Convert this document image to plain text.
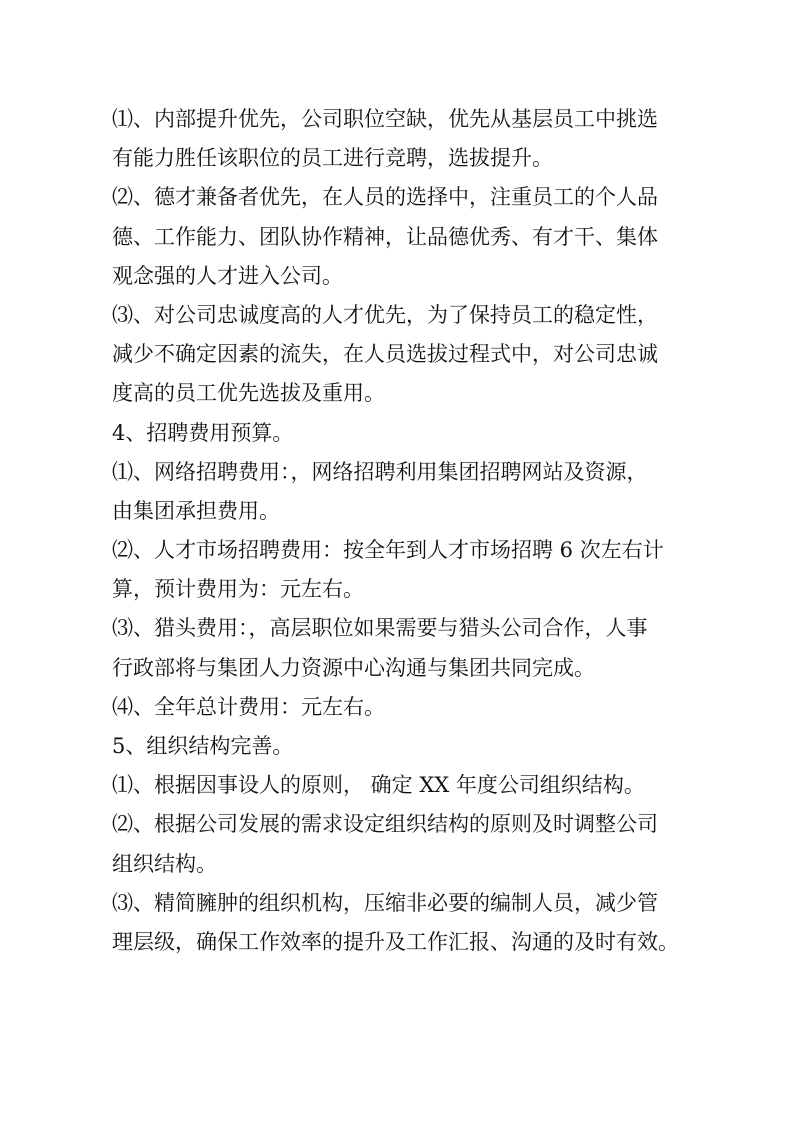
⑴、内部提升优先，公司职位空缺，优先从基层员工中挑选
有能力胜任该职位的员工进行竞聘，选拔提升。
⑵、德才兼备者优先，在人员的选择中，注重员工的个人品
德、工作能力、团队协作精神，让品德优秀、有才干、集体
观念强的人才进入公司。
⑶、对公司忠诚度高的人才优先，为了保持员工的稳定性，
减少不确定因素的流失，在人员选拔过程式中，对公司忠诚
度高的员工优先选拔及重用。
4、招聘费用预算。
⑴、网络招聘费用：，网络招聘利用集团招聘网站及资源，
由集团承担费用。
⑵、人才市场招聘费用：按全年到人才市场招聘 6 次左右计
算，预计费用为：元左右。
⑶、猎头费用：，高层职位如果需要与猎头公司合作，人事
行政部将与集团人力资源中心沟通与集团共同完成。
⑷、全年总计费用：元左右。
5、组织结构完善。
⑴、根据因事设人的原则， 确定 XX 年度公司组织结构。
⑵、根据公司发展的需求设定组织结构的原则及时调整公司
组织结构。
⑶、精简臃肿的组织机构，压缩非必要的编制人员，减少管
理层级，确保工作效率的提升及工作汇报、沟通的及时有效。
